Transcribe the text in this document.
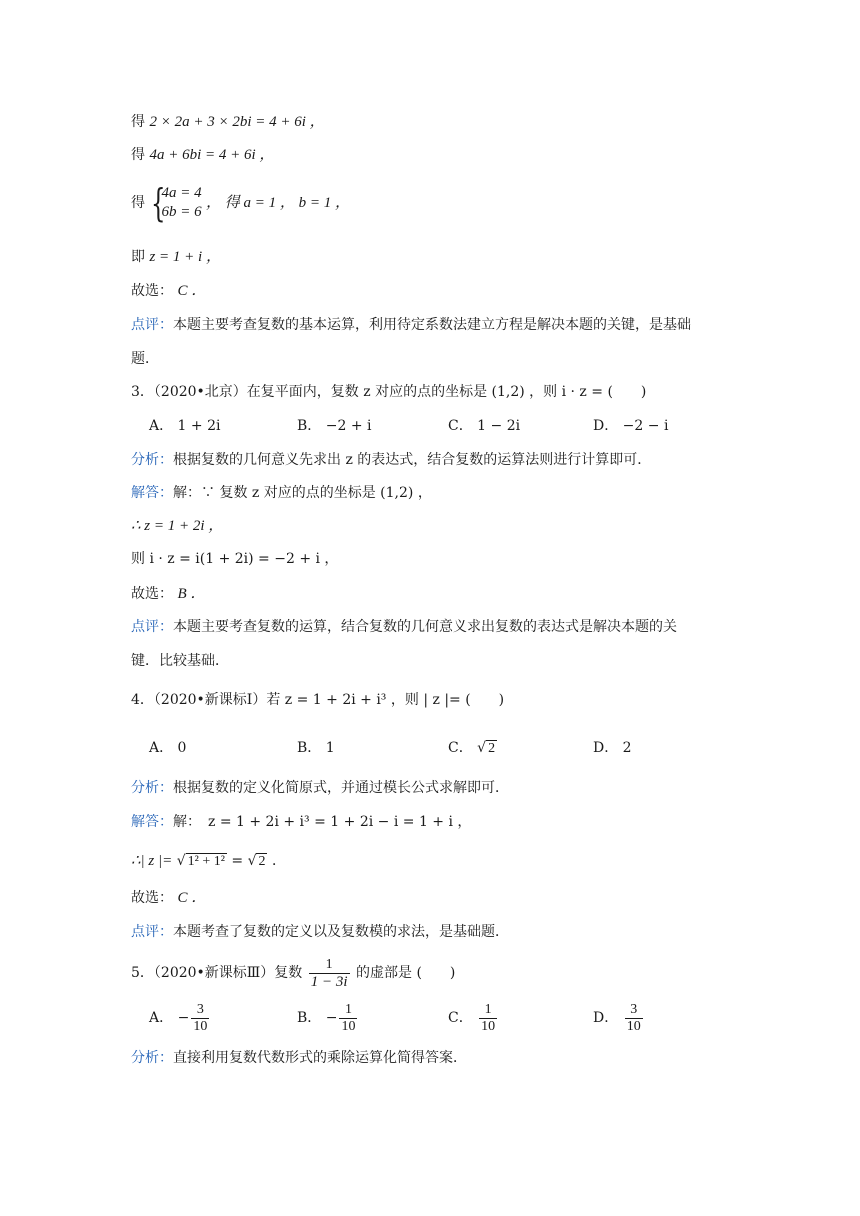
得 2 × 2a + 3 × 2bi = 4 + 6i ，
得 4a + 6bi = 4 + 6i ，
得 {
4a = 4
6b = 6
， 得 a = 1 ， b = 1 ，
即 z = 1 + i ，
故选： C ．
点评：本题主要考查复数的基本运算，利用待定系数法建立方程是解决本题的关键，是基础
题．
3．（2020•北京）在复平面内，复数 z 对应的点的坐标是 (1,2) ，则 i · z = (　　)
A． 1 + 2i	B． −2 + i	C． 1 − 2i	D． −2 − i
分析：根据复数的几何意义先求出 z 的表达式，结合复数的运算法则进行计算即可．
解答：解：∵ 复数 z 对应的点的坐标是 (1,2) ，
∴ z = 1 + 2i ，
则 i · z = i(1 + 2i) = −2 + i ，
故选： B ．
点评：本题主要考查复数的运算，结合复数的几何意义求出复数的表达式是解决本题的关
键．比较基础．
4．（2020•新课标Ⅰ）若 z = 1 + 2i + i³ ，则 | z |= (　　)
A． 0	B． 1	C． √ 2	D． 2
分析：根据复数的定义化简原式，并通过模长公式求解即可．
解答：解：　z = 1 + 2i + i³ = 1 + 2i − i = 1 + i ，
∴| z |= √ 1² + 1² = √ 2 ．
故选： C ．
点评：本题考查了复数的定义以及复数模的求法，是基础题．
5．（2020•新课标Ⅲ）复数 $\frac{1}{1 - 3i}$ 的虚部是 (　　)
A． − $\frac{3}{10}$	B． − $\frac{1}{10}$	C． $\frac{1}{10}$	D． $\frac{3}{10}$
分析：直接利用复数代数形式的乘除运算化简得答案．
